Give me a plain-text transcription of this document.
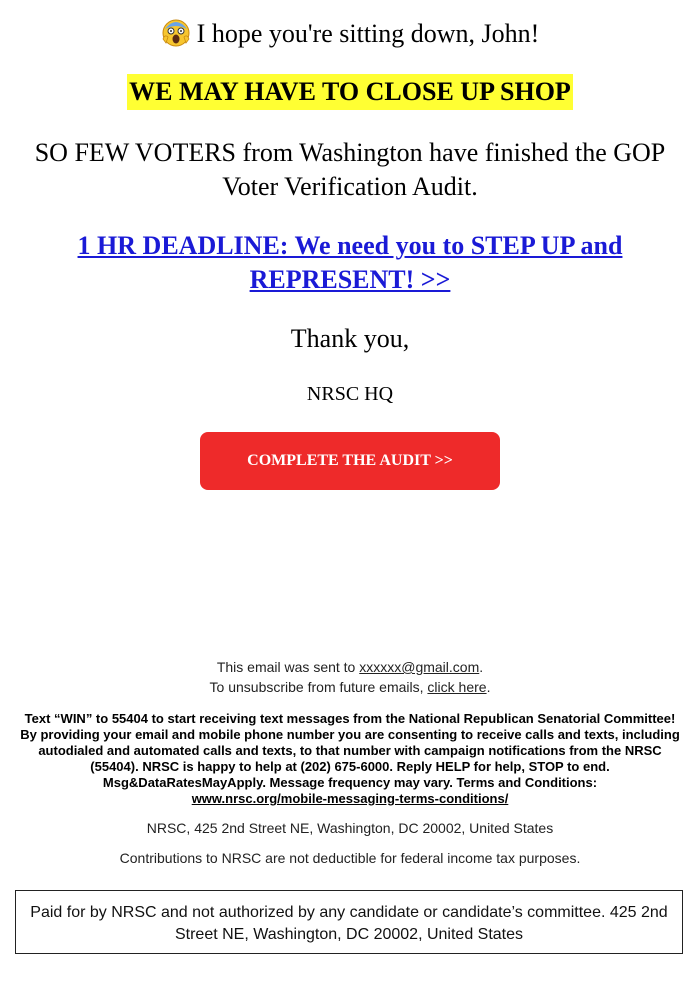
I hope you're sitting down, John!
WE MAY HAVE TO CLOSE UP SHOP
SO FEW VOTERS from Washington have finished the GOP Voter Verification Audit.
1 HR DEADLINE: We need you to STEP UP and
REPRESENT! >>
Thank you,
NRSC HQ
COMPLETE THE AUDIT >>
This email was sent to xxxxxx@gmail.com.
To unsubscribe from future emails, click here.
Text “WIN” to 55404 to start receiving text messages from the National Republican Senatorial Committee! By providing your email and mobile phone number you are consenting to receive calls and texts, including autodialed and automated calls and texts, to that number with campaign notifications from the NRSC (55404). NRSC is happy to help at (202) 675-6000. Reply HELP for help, STOP to end. Msg&DataRatesMayApply. Message frequency may vary. Terms and Conditions:
www.nrsc.org/mobile-messaging-terms-conditions/
NRSC, 425 2nd Street NE, Washington, DC 20002, United States
Contributions to NRSC are not deductible for federal income tax purposes.
Paid for by NRSC and not authorized by any candidate or candidate’s committee. 425 2nd Street NE, Washington, DC 20002, United States
